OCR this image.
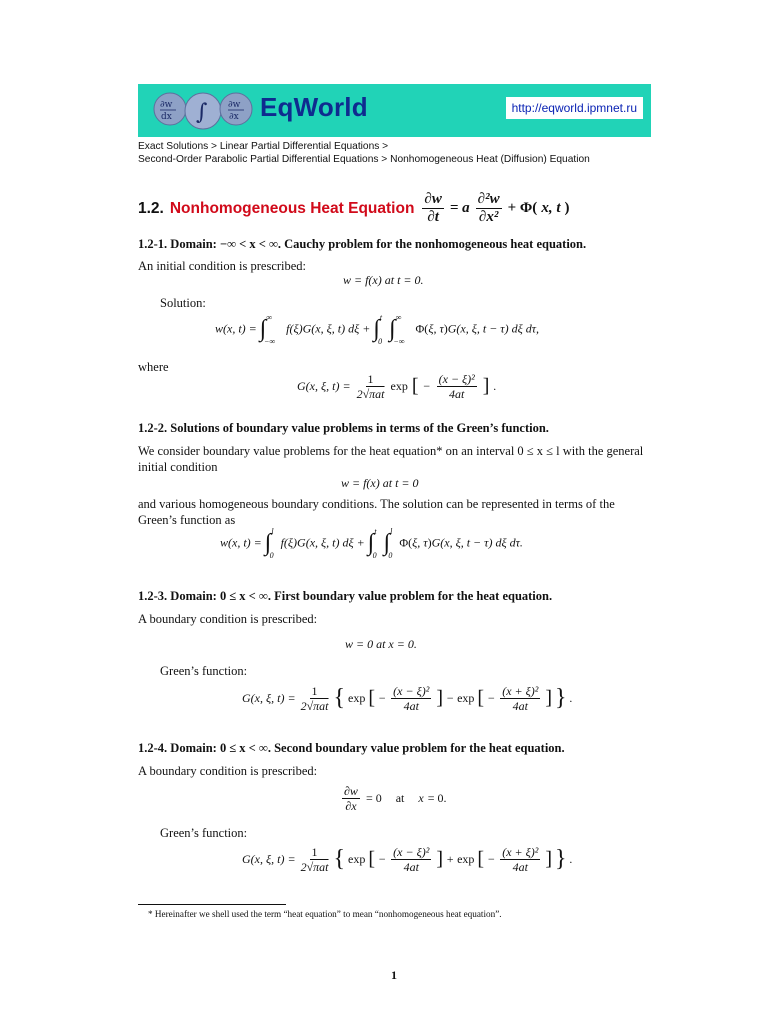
∂w
dx ∫ ∂w
∂x EqWorld	http://eqworld.ipmnet.ru
Exact Solutions > Linear Partial Differential Equations >
Second-Order Parabolic Partial Differential Equations > Nonhomogeneous Heat (Diffusion) Equation
1.2. Nonhomogeneous Heat Equation $\frac{\partial w}{\partial t} = a \frac{\text{∂²w}}{\text{∂x²}} + \Phi$( x, t )
1.2-1. Domain: −∞ < x < ∞. Cauchy problem for the nonhomogeneous heat equation.
An initial condition is prescribed:
w = f(x) at t = 0.
Solution:
w(x, $t) = \int^\infty_{-\infty}$ f(ξ)G(x, ξ, t) dξ + ∫$^t_0$ $\int^\infty_{-\infty}$ Φ(ξ, τ)G(x, ξ, t − τ) dξ dτ,
where
G(x, ξ, $t) = \frac{1}{\text{2√πat}}$ exp [ − $\frac{\text{(x − ξ)²}}{4at}$ ] .
1.2-2. Solutions of boundary value problems in terms of the Green’s function.
We consider boundary value problems for the heat equation* on an interval 0 ≤ x ≤ l with the general
initial condition
w = f(x) at t = 0
and various homogeneous boundary conditions. The solution can be represented in terms of the
Green’s function as
w(x, t) = ∫$^l_0$ f(ξ)G(x, ξ, t) dξ + ∫$^t_0$ ∫$^l_0$ Φ(ξ, τ)G(x, ξ, t − τ) dξ dτ.
1.2-3. Domain: 0 ≤ x < ∞. First boundary value problem for the heat equation.
A boundary condition is prescribed:
w = 0 at x = 0.
Green’s function:
G(x, ξ, $t) = \frac{1}{\text{2√πat}}$ { exp [ − $\frac{\text{(x − ξ)²}}{4at}$ ] − exp [ − $\frac{\text{(x + ξ)²}}{4at}$ ] } .
1.2-4. Domain: 0 ≤ x < ∞. Second boundary value problem for the heat equation.
A boundary condition is prescribed:
$\frac{\partial w}{\partial x} = 0$ at x = 0.
Green’s function:
G(x, ξ, $t) = \frac{1}{\text{2√πat}}$ { exp [ − $\frac{\text{(x − ξ)²}}{4at}$ ] + exp [ − $\frac{\text{(x + ξ)²}}{4at}$ ] } .
* Hereinafter we shell used the term “heat equation” to mean “nonhomogeneous heat equation”.
1
